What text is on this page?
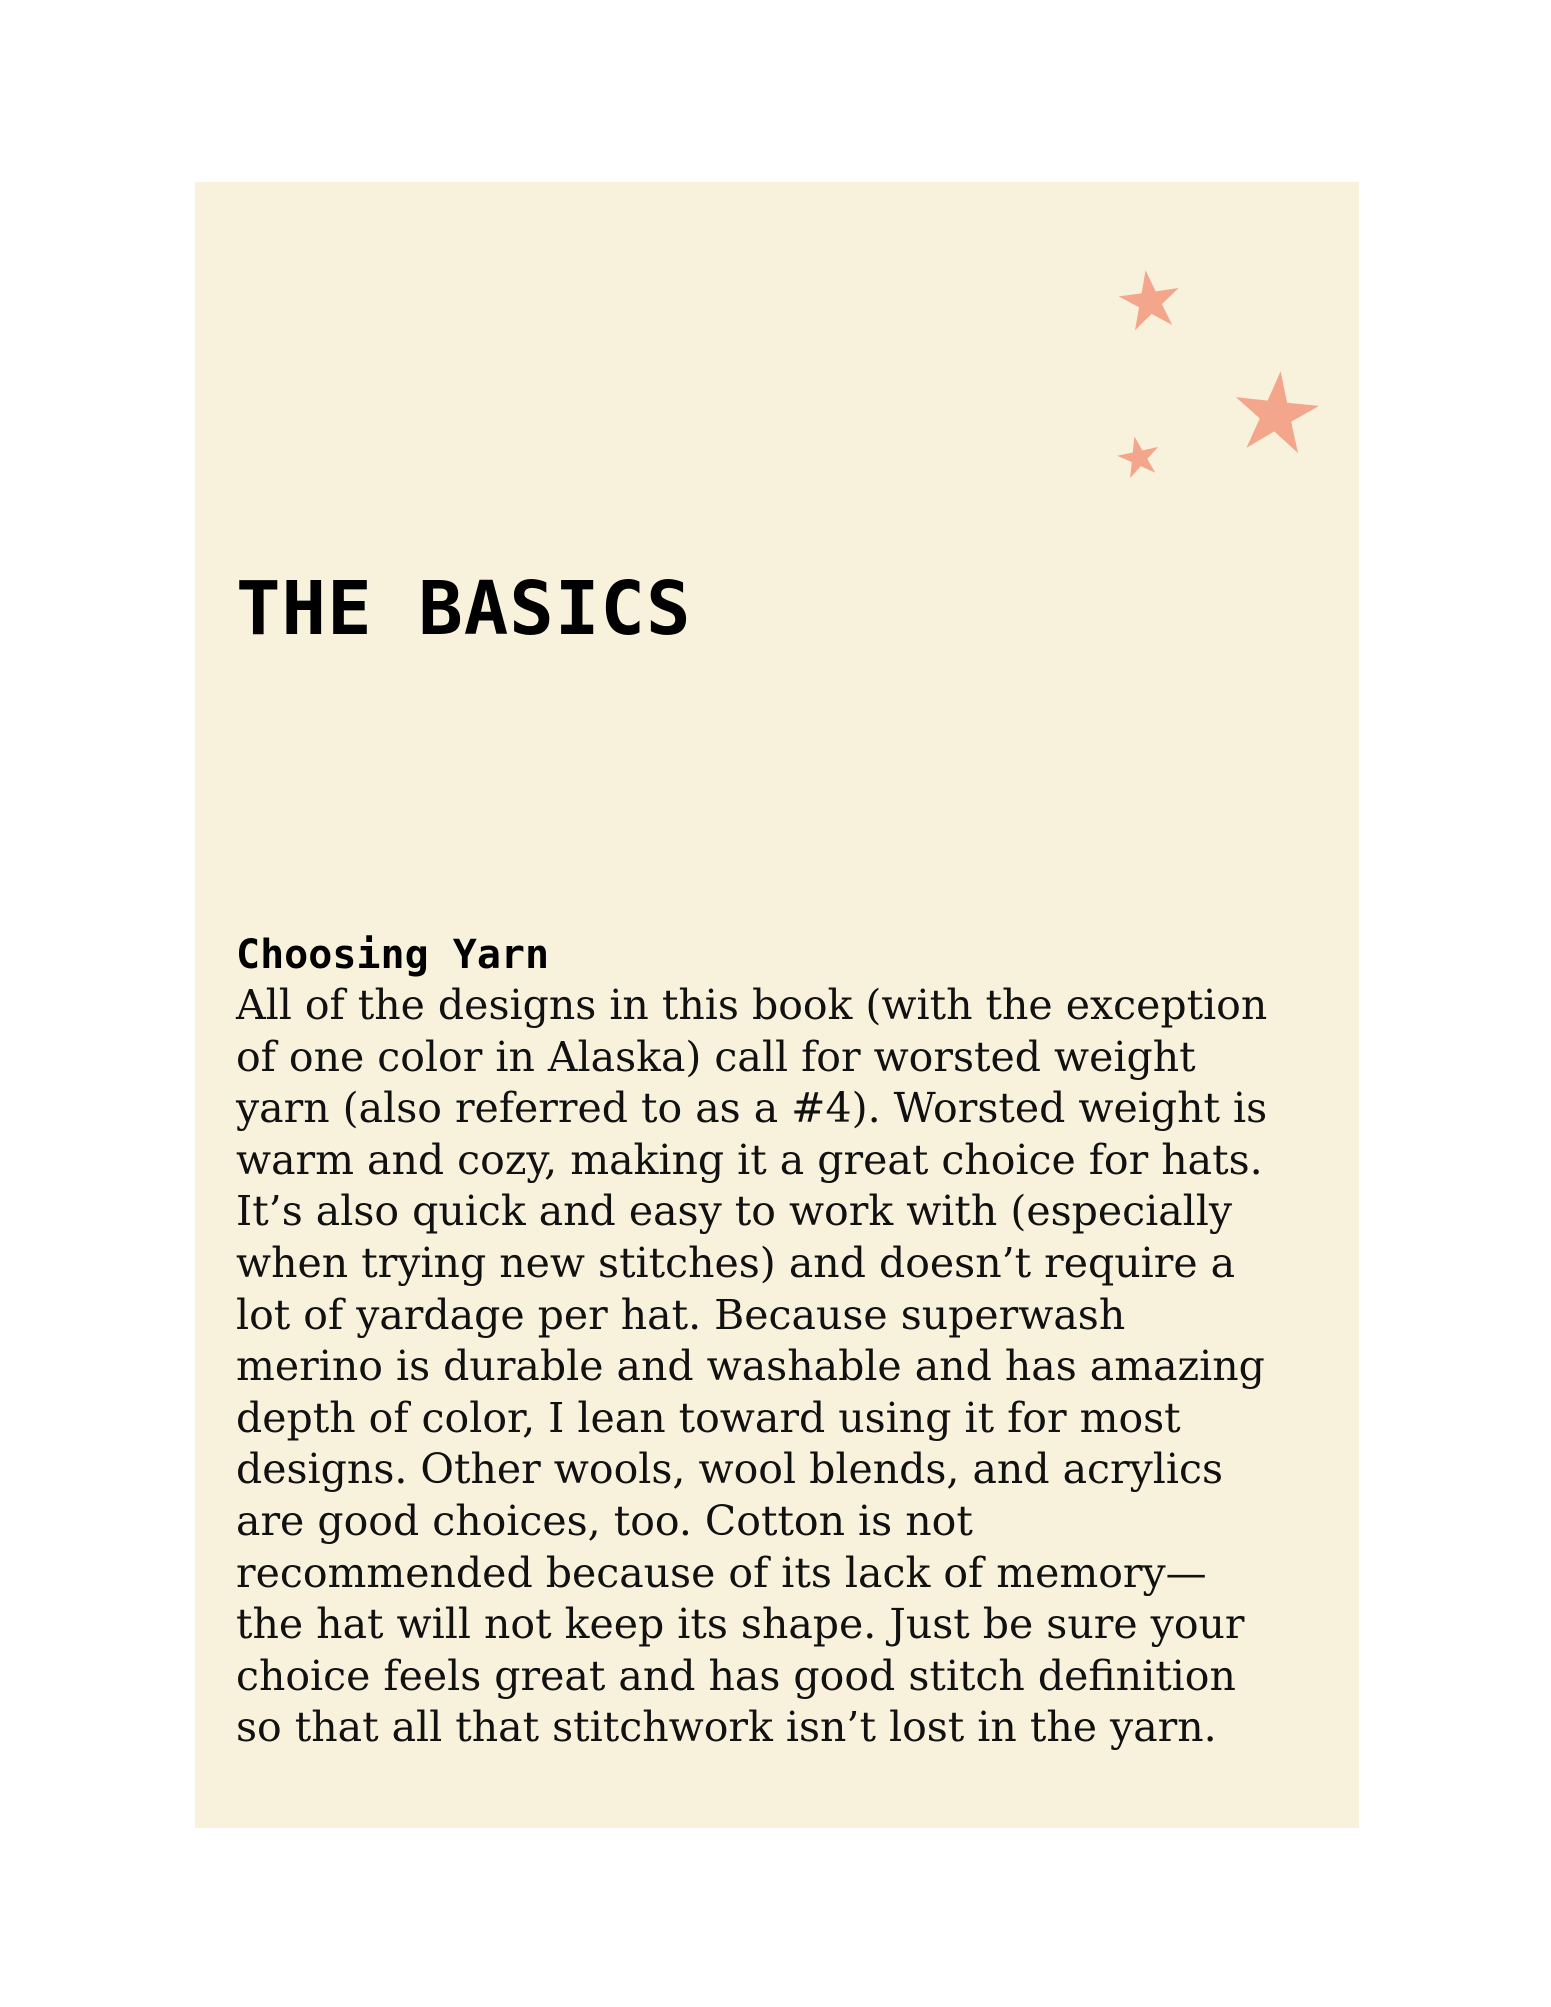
THE BASICS
Choosing Yarn

All of the designs in this book (with the exception
of one color in Alaska) call for worsted weight
yarn (also referred to as a #4). Worsted weight is
warm and cozy, making it a great choice for hats.
It’s also quick and easy to work with (especially
when trying new stitches) and doesn’t require a
lot of yardage per hat. Because superwash
merino is durable and washable and has amazing
depth of color, I lean toward using it for most
designs. Other wools, wool blends, and acrylics
are good choices, too. Cotton is not
recommended because of its lack of memory—
the hat will not keep its shape. Just be sure your
choice feels great and has good stitch definition
so that all that stitchwork isn’t lost in the yarn.
